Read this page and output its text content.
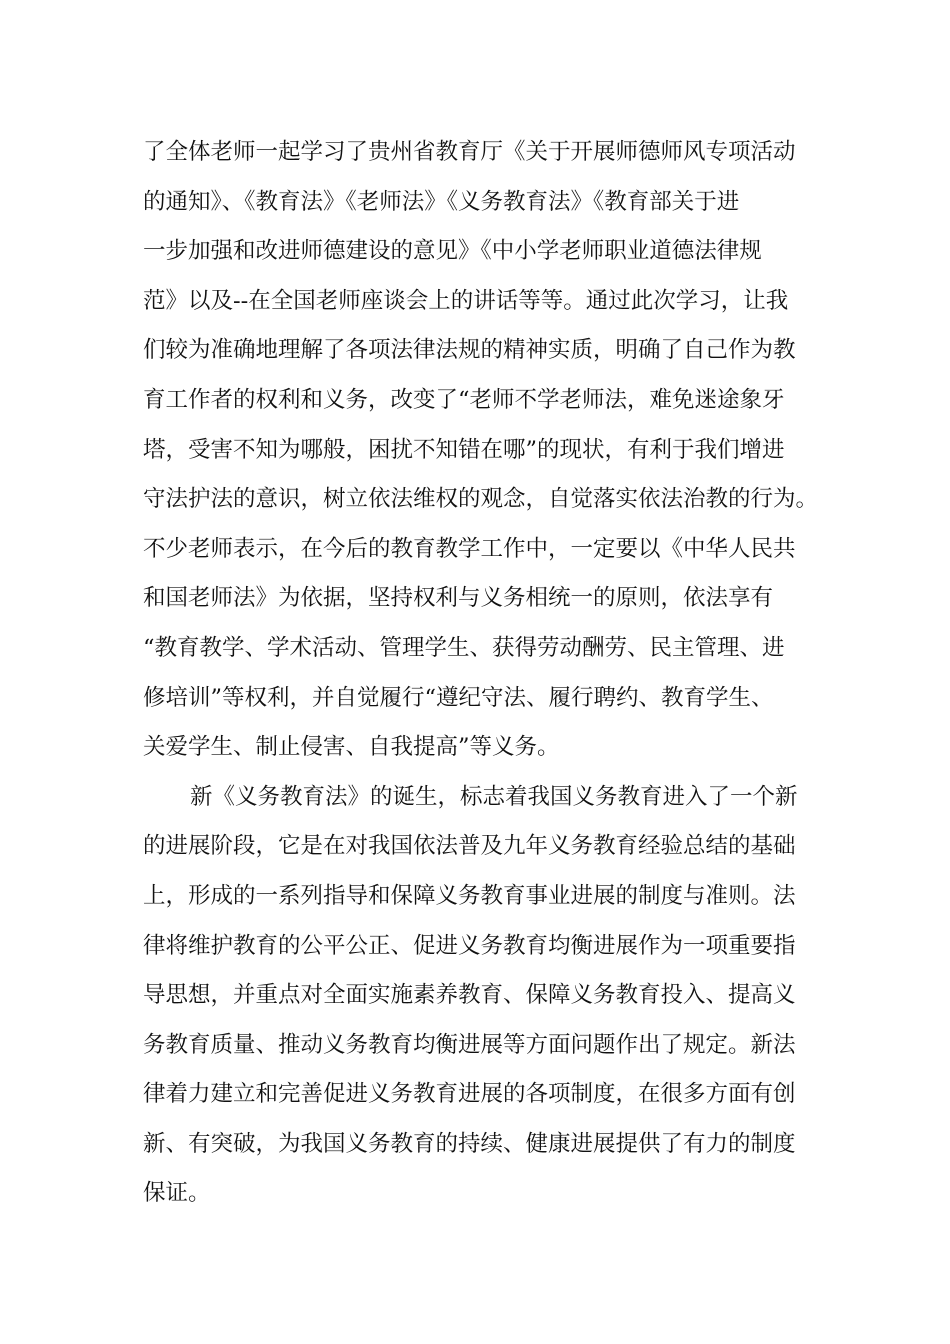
了全体老师一起学习了贵州省教育厅《关于开展师德师风专项活动
的通知》、《教育法》《老师法》《义务教育法》《教育部关于进
一步加强和改进师德建设的意见》《中小学老师职业道德法律规
范》以及--在全国老师座谈会上的讲话等等。通过此次学习，让我
们较为准确地理解了各项法律法规的精神实质，明确了自己作为教
育工作者的权利和义务，改变了“老师不学老师法，难免迷途象牙
塔，受害不知为哪般，困扰不知错在哪”的现状，有利于我们增进
守法护法的意识，树立依法维权的观念，自觉落实依法治教的行为。
不少老师表示，在今后的教育教学工作中，一定要以《中华人民共
和国老师法》为依据，坚持权利与义务相统一的原则，依法享有
“教育教学、学术活动、管理学生、获得劳动酬劳、民主管理、进
修培训”等权利，并自觉履行“遵纪守法、履行聘约、教育学生、
关爱学生、制止侵害、自我提高”等义务。
新《义务教育法》的诞生，标志着我国义务教育进入了一个新
的进展阶段，它是在对我国依法普及九年义务教育经验总结的基础
上，形成的一系列指导和保障义务教育事业进展的制度与准则。法
律将维护教育的公平公正、促进义务教育均衡进展作为一项重要指
导思想，并重点对全面实施素养教育、保障义务教育投入、提高义
务教育质量、推动义务教育均衡进展等方面问题作出了规定。新法
律着力建立和完善促进义务教育进展的各项制度，在很多方面有创
新、有突破，为我国义务教育的持续、健康进展提供了有力的制度
保证。
